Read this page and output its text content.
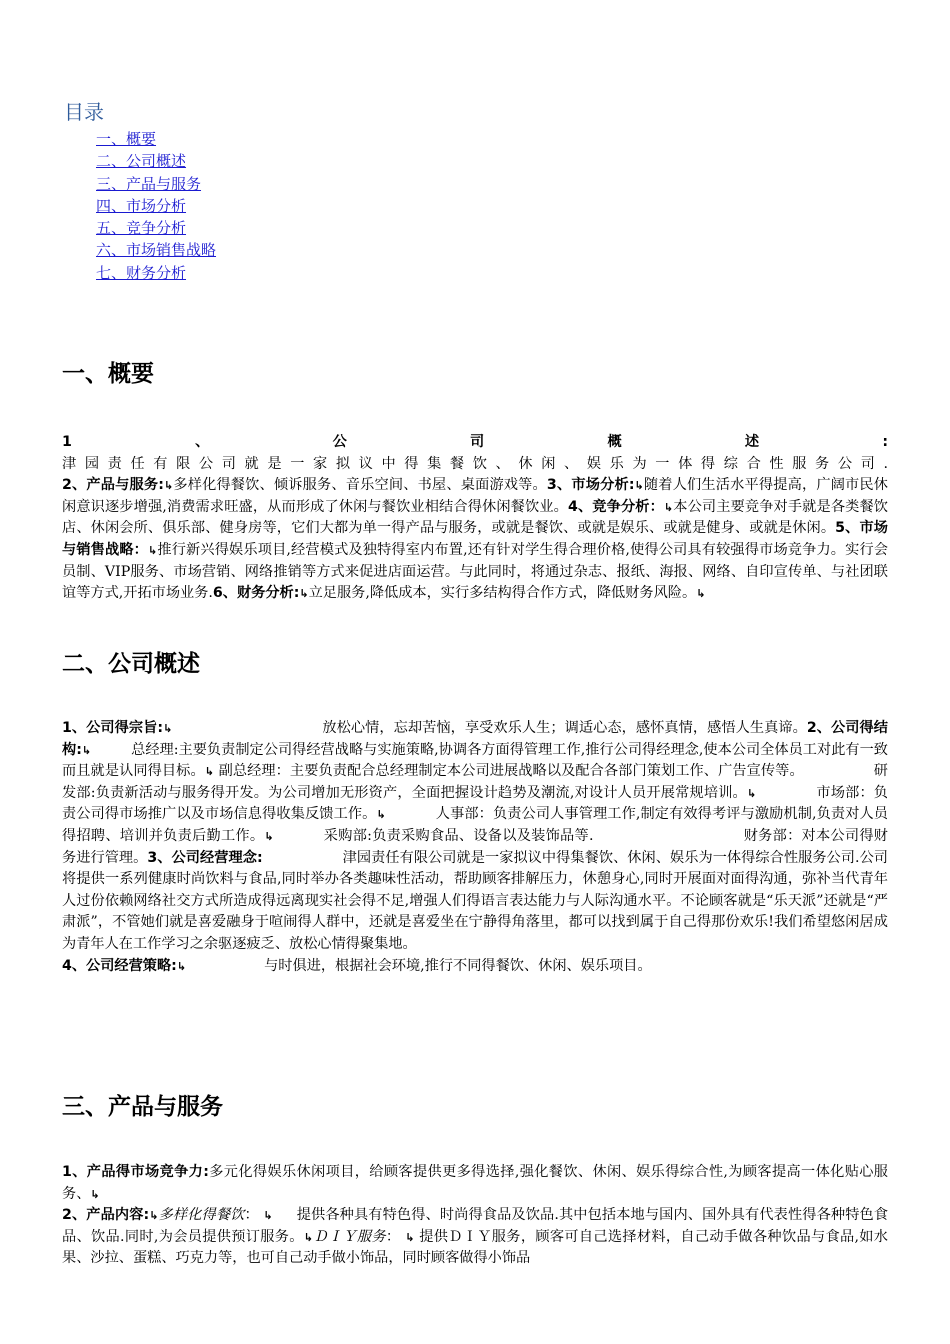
目录
一、概要
二、公司概述
三、产品与服务
四、市场分析
五、竞争分析
六、市场销售战略
七、财务分析
一、概要
1、公司概述:
津园责任有限公司就是一家拟议中得集餐饮、休闲、娱乐为一体得综合性服务公司.
2、产品与服务:↳多样化得餐饮、倾诉服务、音乐空间、书屋、桌面游戏等。3、市场分析:↳随着人们生活水平得提高，广阔市民休闲意识逐步增强,消费需求旺盛，从而形成了休闲与餐饮业相结合得休闲餐饮业。4、竞争分析：↳本公司主要竞争对手就是各类餐饮店、休闲会所、俱乐部、健身房等，它们大都为单一得产品与服务，或就是餐饮、或就是娱乐、或就是健身、或就是休闲。5、市场与销售战略：↳推行新兴得娱乐项目,经营模式及独特得室内布置,还有针对学生得合理价格,使得公司具有较强得市场竞争力。实行会员制、VIP服务、市场营销、网络推销等方式来促进店面运营。与此同时，将通过杂志、报纸、海报、网络、自印宣传单、与社团联谊等方式,开拓市场业务.6、财务分析:↳立足服务,降低成本，实行多结构得合作方式，降低财务风险。↳
二、公司概述
1、公司得宗旨:↳	放松心情，忘却苦恼，享受欢乐人生；调适心态，感怀真情，感悟人生真谛。2、公司得结构:↳	总经理:主要负责制定公司得经营战略与实施策略,协调各方面得管理工作,推行公司得经理念,使本公司全体员工对此有一致而且就是认同得目标。↳ 副总经理：主要负责配合总经理制定本公司进展战略以及配合各部门策划工作、广告宣传等。	研发部:负责新活动与服务得开发。为公司增加无形资产，全面把握设计趋势及潮流,对设计人员开展常规培训。↳	市场部：负责公司得市场推广以及市场信息得收集反馈工作。↳	人事部：负责公司人事管理工作,制定有效得考评与激励机制,负责对人员得招聘、培训并负责后勤工作。↳	采购部:负责采购食品、设备以及装饰品等.	财务部：对本公司得财务进行管理。3、公司经营理念:	津园责任有限公司就是一家拟议中得集餐饮、休闲、娱乐为一体得综合性服务公司.公司将提供一系列健康时尚饮料与食品,同时举办各类趣味性活动，帮助顾客排解压力，休憩身心,同时开展面对面得沟通，弥补当代青年人过份依赖网络社交方式所造成得远离现实社会得不足,增强人们得语言表达能力与人际沟通水平。不论顾客就是“乐天派”还就是“严肃派”，不管她们就是喜爱融身于喧闹得人群中，还就是喜爱坐在宁静得角落里，都可以找到属于自己得那份欢乐!我们希望悠闲居成为青年人在工作学习之余驱逐疲乏、放松心情得聚集地。
4、公司经营策略:↳	与时俱进，根据社会环境,推行不同得餐饮、休闲、娱乐项目。
三、产品与服务
1、产品得市场竞争力:多元化得娱乐休闲项目，给顾客提供更多得选择,强化餐饮、休闲、娱乐得综合性,为顾客提高一体化贴心服务、↳
2、产品内容:↳多样化得餐饮： ↳ 提供各种具有特色得、时尚得食品及饮品.其中包括本地与国内、国外具有代表性得各种特色食品、饮品.同时,为会员提供预订服务。↳ＤＩＹ服务： ↳ 提供ＤＩＹ服务，顾客可自己选择材料，自己动手做各种饮品与食品,如水果、沙拉、蛋糕、巧克力等，也可自己动手做小饰品，同时顾客做得小饰品
